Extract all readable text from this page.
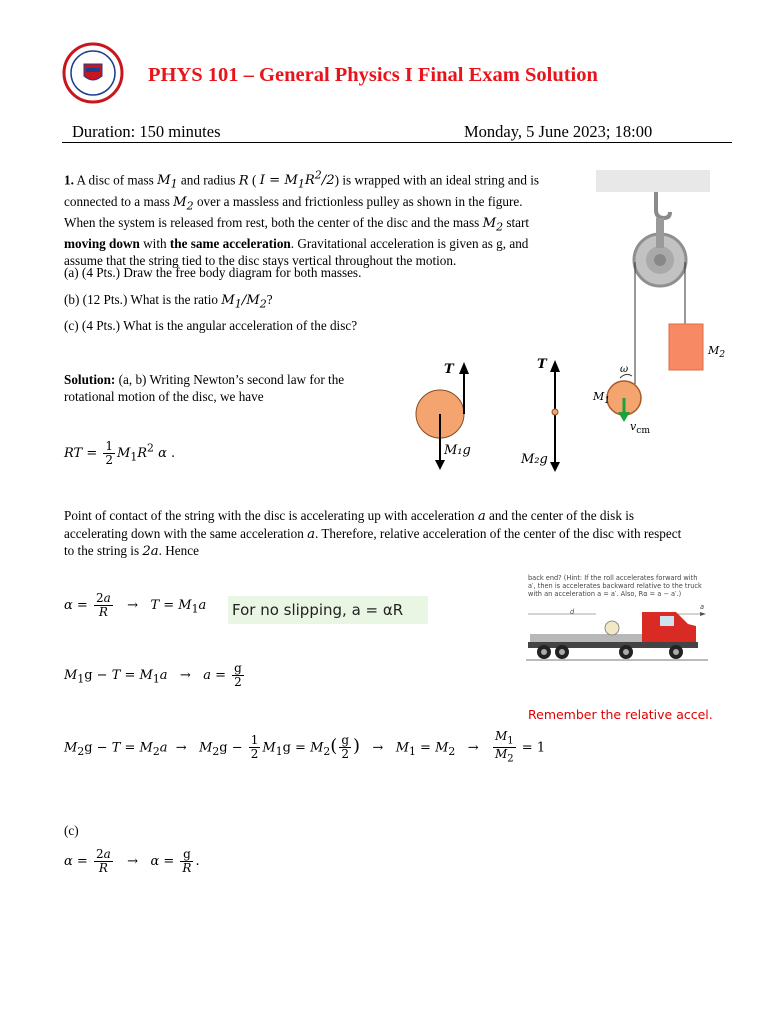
PHYS 101 – General Physics I Final Exam Solution
Duration: 150 minutes	Monday, 5 June 2023; 18:00
1. A disc of mass $M_1$ and radius R ( $I = M_1R^2/2$) is wrapped with an ideal string and is
connected to a mass $M_2$ over a massless and frictionless pulley as shown in the figure.
When the system is released from rest, both the center of the disc and the mass $M_2$ start
moving down with the same acceleration. Gravitational acceleration is given as g, and
assume that the string tied to the disc stays vertical throughout the motion.
(a) (4 Pts.) Draw the free body diagram for both masses.
(b) (12 Pts.) What is the ratio $M_1/M_2$?
(c) (4 Pts.) What is the angular acceleration of the disc?
$M_2$
$M_1$
ω
$v_{cm}$
Solution: (a, b) Writing Newton’s second law for the
rotational motion of the disc, we have
T
M₁g
T
M₂g
RT = $\frac{1}{2} M_1R^2$ α .
Point of contact of the string with the disc is accelerating up with acceleration a and the center of the disk is
accelerating down with the same acceleration a. Therefore, relative acceleration of the center of the disc with respect
to the string is 2a. Hence
back end? (Hint: If the roll accelerates forward with
a′, then is accelerates backward relative to the truck
with an acceleration a = a′. Also, Rα = a − a′.)
d
a
$\alpha = \frac{2a}{R} \to T = M_1a$ For no slipping, a = αR
$M_1g - T = M_1a \to a = \frac{g}{2}$
Remember the relative accel.
$M_2g - T = M_2a \to M_2g - \frac{1}{2} M_1g = M_2( \frac{g}{2}$ )   →   $M_1 = M_2 \to \frac{M_1}{M_2} = 1$
(c)
$\alpha = \frac{2a}{R} \to \alpha = \frac{g}{R}$ .
